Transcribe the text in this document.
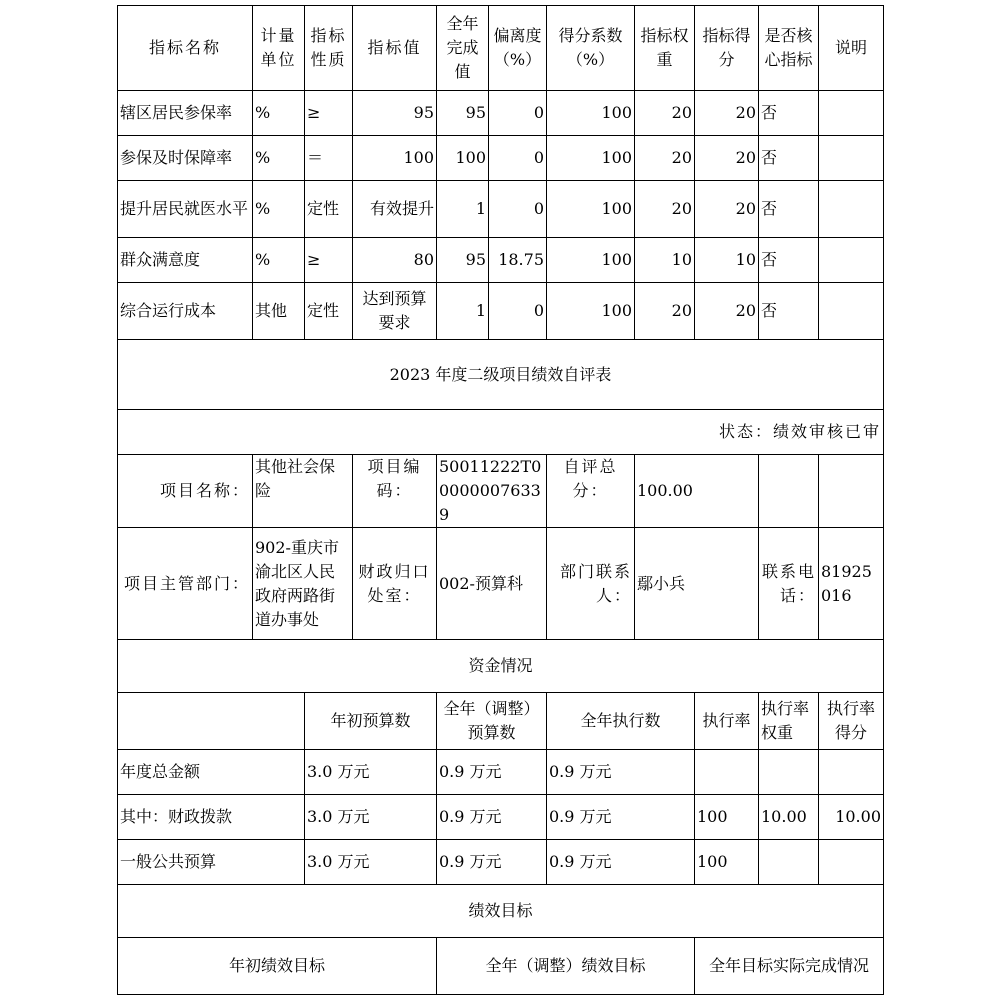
指标名称	计量单位	指标性质	指标值	全年完成值	偏离度（%）	得分系数（%）	指标权重	指标得分	是否核心指标	说明
辖区居民参保率	%	≥	95	95	0	100	20	20	否	
参保及时保障率	%	＝	100	100	0	100	20	20	否	
提升居民就医水平	%	定性	有效提升	1	0	100	20	20	否	
群众满意度	%	≥	80	95	18.75	100	10	10	否	
综合运行成本	其他	定性	达到预算要求	1	0	100	20	20	否	
2023 年度二级项目绩效自评表										
状态：绩效审核已审										
项目名称：	其他社会保险		项目编码：	50011222T000000076339		自评总分：	100.00			
项目主管部门：	902-重庆市渝北区人民政府两路街道办事处		财政归口处室：	002-预算科		部门联系人：	鄢小兵		联系电话：	81925016
资金情况										
		年初预算数		全年（调整）预算数		全年执行数		执行率	执行率权重	执行率得分
年度总金额		3.0 万元		0.9 万元		0.9 万元				
其中：财政拨款		3.0 万元		0.9 万元		0.9 万元		100	10.00	10.00
一般公共预算		3.0 万元		0.9 万元		0.9 万元		100		
绩效目标										
年初绩效目标				全年（调整）绩效目标				全年目标实际完成情况		
